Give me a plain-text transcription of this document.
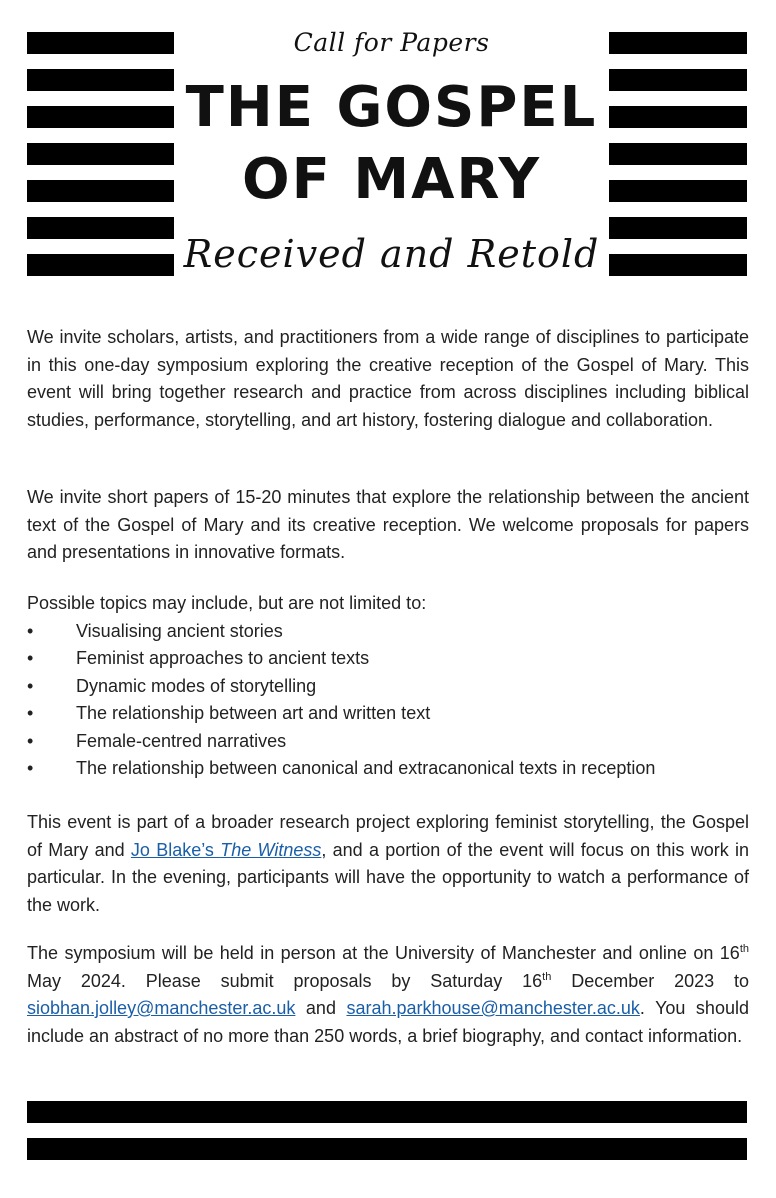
Call for Papers
THE GOSPEL
OF MARY
Received and Retold

We invite scholars, artists, and practitioners from a wide range of disciplines to participate in this one-day symposium exploring the creative reception of the Gospel of Mary. This event will bring together research and practice from across disciplines including biblical studies, performance, storytelling, and art history, fostering dialogue and collaboration.

We invite short papers of 15-20 minutes that explore the relationship between the ancient text of the Gospel of Mary and its creative reception. We welcome proposals for papers and presentations in innovative formats.

Possible topics may include, but are not limited to:

• Visualising ancient stories
• Feminist approaches to ancient texts
• Dynamic modes of storytelling
• The relationship between art and written text
• Female-centred narratives
• The relationship between canonical and extracanonical texts in reception

This event is part of a broader research project exploring feminist storytelling, the Gospel of Mary and Jo Blake’s The Witness, and a portion of the event will focus on this work in particular. In the evening, participants will have the opportunity to watch a performance of the work.

The symposium will be held in person at the University of Manchester and online on 16th May 2024. Please submit proposals by Saturday 16th December 2023 to siobhan.jolley@manchester.ac.uk and sarah.parkhouse@manchester.ac.uk. You should include an abstract of no more than 250 words, a brief biography, and contact information.
